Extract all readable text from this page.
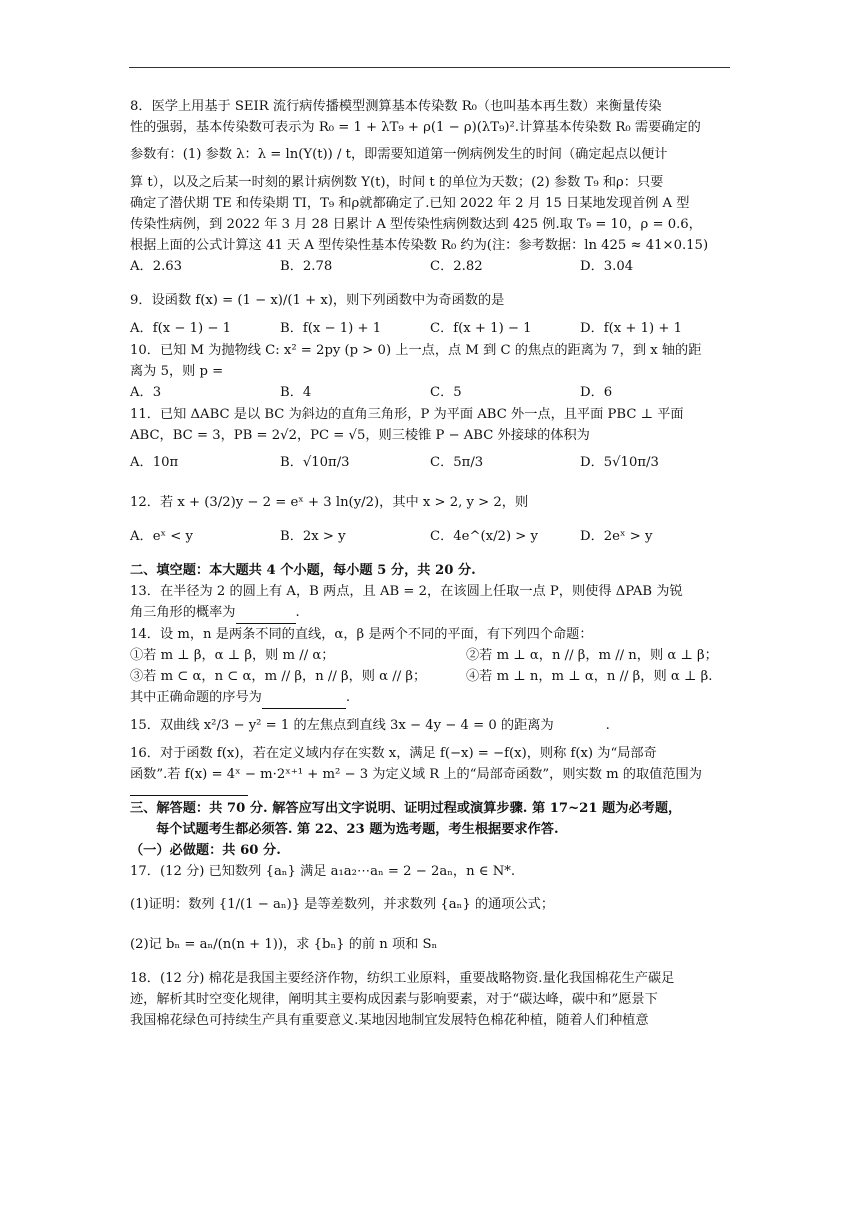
8．医学上用基于 SEIR 流行病传播模型测算基本传染数 R₀（也叫基本再生数）来衡量传染
性的强弱，基本传染数可表示为 R₀ = 1 + λT₉ + ρ(1 − ρ)(λT₉)².计算基本传染数 R₀ 需要确定的
参数有：(1) 参数 λ：λ = ln(Y(t)) / t，即需要知道第一例病例发生的时间（确定起点以便计
算 t），以及之后某一时刻的累计病例数 Y(t)，时间 t 的单位为天数；(2) 参数 T₉ 和ρ：只要
确定了潜伏期 TE 和传染期 TI，T₉ 和ρ就都确定了.已知 2022 年 2 月 15 日某地发现首例 A 型
传染性病例，到 2022 年 3 月 28 日累计 A 型传染性病例数达到 425 例.取 T₉ = 10，ρ = 0.6，
根据上面的公式计算这 41 天 A 型传染性基本传染数 R₀ 约为(注：参考数据：ln 425 ≈ 41×0.15)
A．2.63	B．2.78	C．2.82	D．3.04
9．设函数 f(x) = (1 − x)/(1 + x)，则下列函数中为奇函数的是
A．f(x − 1) − 1	B．f(x − 1) + 1	C．f(x + 1) − 1	D．f(x + 1) + 1
10．已知 M 为抛物线 C: x² = 2py (p > 0) 上一点，点 M 到 C 的焦点的距离为 7，到 x 轴的距
离为 5，则 p =
A．3	B．4	C．5	D．6
11．已知 ΔABC 是以 BC 为斜边的直角三角形，P 为平面 ABC 外一点，且平面 PBC ⊥ 平面
ABC，BC = 3，PB = 2√2，PC = √5，则三棱锥 P − ABC 外接球的体积为
A．10π	B．√10π/3	C．5π/3	D．5√10π/3
12．若 x + (3/2)y − 2 = eˣ + 3 ln(y/2)，其中 x > 2, y > 2，则
A．eˣ < y	B．2x > y	C．4e^(x/2) > y	D．2eˣ > y
二、填空题：本大题共 4 个小题，每小题 5 分，共 20 分.
13．在半径为 2 的圆上有 A，B 两点，且 AB = 2，在该圆上任取一点 P，则使得 ΔPAB 为锐
角三角形的概率为	.
14．设 m，n 是两条不同的直线，α，β 是两个不同的平面，有下列四个命题：
①若 m ⊥ β，α ⊥ β，则 m // α；	②若 m ⊥ α，n // β，m // n，则 α ⊥ β；
③若 m ⊂ α，n ⊂ α，m // β，n // β，则 α // β；	④若 m ⊥ n，m ⊥ α，n // β，则 α ⊥ β.
其中正确命题的序号为	.
15．双曲线 x²/3 − y² = 1 的左焦点到直线 3x − 4y − 4 = 0 的距离为	.
16．对于函数 f(x)，若在定义域内存在实数 x，满足 f(−x) = −f(x)，则称 f(x) 为“局部奇
函数”.若 f(x) = 4ˣ − m·2ˣ⁺¹ + m² − 3 为定义域 R 上的“局部奇函数”，则实数 m 的取值范围为
三、解答题：共 70 分. 解答应写出文字说明、证明过程或演算步骤. 第 17~21 题为必考题，
每个试题考生都必须答. 第 22、23 题为选考题，考生根据要求作答.
（一）必做题：共 60 分.
17．(12 分) 已知数列 {aₙ} 满足 a₁a₂⋯aₙ = 2 − 2aₙ，n ∈ N*.
(1)证明：数列 {1/(1 − aₙ)} 是等差数列，并求数列 {aₙ} 的通项公式；
(2)记 bₙ = aₙ/(n(n + 1))，求 {bₙ} 的前 n 项和 Sₙ
18．(12 分) 棉花是我国主要经济作物，纺织工业原料，重要战略物资.量化我国棉花生产碳足
迹，解析其时空变化规律，阐明其主要构成因素与影响要素，对于“碳达峰，碳中和”愿景下
我国棉花绿色可持续生产具有重要意义.某地因地制宜发展特色棉花种植，随着人们种植意
